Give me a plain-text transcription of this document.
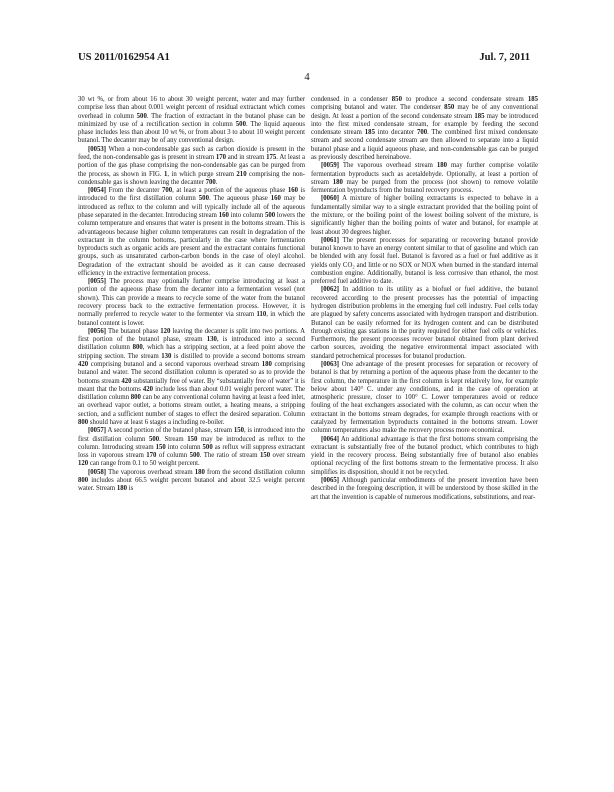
US 2011/0162954 A1	Jul. 7, 2011
4

30 wt %, or from about 16 to about 30 weight percent, water and may further comprise less than about 0.001 weight percent of residual extractant which comes overhead in column 500. The fraction of extractant in the butanol phase can be minimized by use of a rectification section in column 500. The liquid aqueous phase includes less than about 10 wt %, or from about 3 to about 10 weight percent butanol. The decanter may be of any conventional design.

[0053] When a non-condensable gas such as carbon dioxide is present in the feed, the non-condensable gas is present in stream 170 and in stream 175. At least a portion of the gas phase comprising the non-condensable gas can be purged from the process, as shown in FIG. 1, in which purge stream 210 comprising the non-condensable gas is shown leaving the decanter 700.

[0054] From the decanter 700, at least a portion of the aqueous phase 160 is introduced to the first distillation column 500. The aqueous phase 160 may be introduced as reflux to the column and will typically include all of the aqueous phase separated in the decanter. Introducing stream 160 into column 500 lowers the column temperature and ensures that water is present in the bottoms stream. This is advantageous because higher column temperatures can result in degradation of the extractant in the column bottoms, particularly in the case where fermentation byproducts such as organic acids are present and the extractant contains functional groups, such as unsaturated carbon-carbon bonds in the case of oleyl alcohol. Degradation of the extractant should be avoided as it can cause decreased efficiency in the extractive fermentation process.

[0055] The process may optionally further comprise introducing at least a portion of the aqueous phase from the decanter into a fermentation vessel (not shown). This can provide a means to recycle some of the water from the butanol recovery process back to the extractive fermentation process. However, it is normally preferred to recycle water to the fermenter via stream 110, in which the butanol content is lower.

[0056] The butanol phase 120 leaving the decanter is split into two portions. A first portion of the butanol phase, stream 130, is introduced into a second distillation column 800, which has a stripping section, at a feed point above the stripping section. The stream 130 is distilled to provide a second bottoms stream 420 comprising butanol and a second vaporous overhead stream 180 comprising butanol and water. The second distillation column is operated so as to provide the bottoms stream 420 substantially free of water. By “substantially free of water” it is meant that the bottoms 420 include less than about 0.01 weight percent water. The distillation column 800 can be any conventional column having at least a feed inlet, an overhead vapor outlet, a bottoms stream outlet, a heating means, a stripping section, and a sufficient number of stages to effect the desired separation. Column 800 should have at least 6 stages a including re-boiler.

[0057] A second portion of the butanol phase, stream 150, is introduced into the first distillation column 500. Stream 150 may be introduced as reflux to the column. Introducing stream 150 into column 500 as reflux will suppress extractant loss in vaporous stream 170 of column 500. The ratio of stream 150 over stream 120 can range from 0.1 to 50 weight percent.

[0058] The vaporous overhead stream 180 from the second distillation column 800 includes about 66.5 weight percent butanol and about 32.5 weight percent water. Stream 180 is

condensed in a condenser 850 to produce a second condensate stream 185 comprising butanol and water. The condenser 850 may be of any conventional design. At least a portion of the second condensate stream 185 may be introduced into the first mixed condensate stream, for example by feeding the second condensate stream 185 into decanter 700. The combined first mixed condensate stream and second condensate stream are then allowed to separate into a liquid butanol phase and a liquid aqueous phase, and non-condensable gas can be purged as previously described hereinabove.

[0059] The vaporous overhead stream 180 may further comprise volatile fermentation byproducts such as acetaldehyde. Optionally, at least a portion of stream 180 may be purged from the process (not shown) to remove volatile fermentation byproducts from the butanol recovery process.

[0060] A mixture of higher boiling extractants is expected to behave in a fundamentally similar way to a single extractant provided that the boiling point of the mixture, or the boiling point of the lowest boiling solvent of the mixture, is significantly higher than the boiling points of water and butanol, for example at least about 30 degrees higher.

[0061] The present processes for separating or recovering butanol provide butanol known to have an energy content similar to that of gasoline and which can be blended with any fossil fuel. Butanol is favored as a fuel or fuel additive as it yields only CO₂ and little or no SOX or NOX when burned in the standard internal combustion engine. Additionally, butanol is less corrosive than ethanol, the most preferred fuel additive to date.

[0062] In addition to its utility as a biofuel or fuel additive, the butanol recovered according to the present processes has the potential of impacting hydrogen distribution problems in the emerging fuel cell industry. Fuel cells today are plagued by safety concerns associated with hydrogen transport and distribution. Butanol can be easily reformed for its hydrogen content and can be distributed through existing gas stations in the purity required for either fuel cells or vehicles. Furthermore, the present processes recover butanol obtained from plant derived carbon sources, avoiding the negative environmental impact associated with standard petrochemical processes for butanol production.

[0063] One advantage of the present processes for separation or recovery of butanol is that by returning a portion of the aqueous phase from the decanter to the first column, the temperature in the first column is kept relatively low, for example below about 140° C. under any conditions, and in the case of operation at atmospheric pressure, closer to 100° C. Lower temperatures avoid or reduce fouling of the heat exchangers associated with the column, as can occur when the extractant in the bottoms stream degrades, for example through reactions with or catalyzed by fermentation byproducts contained in the bottoms stream. Lower column temperatures also make the recovery process more economical.

[0064] An additional advantage is that the first bottoms stream comprising the extractant is substantially free of the butanol product, which contributes to high yield in the recovery process. Being substantially free of butanol also enables optional recycling of the first bottoms stream to the fermentative process. It also simplifies its disposition, should it not be recycled.

[0065] Although particular embodiments of the present invention have been described in the foregoing description, it will be understood by those skilled in the art that the invention is capable of numerous modifications, substitutions, and rear-
